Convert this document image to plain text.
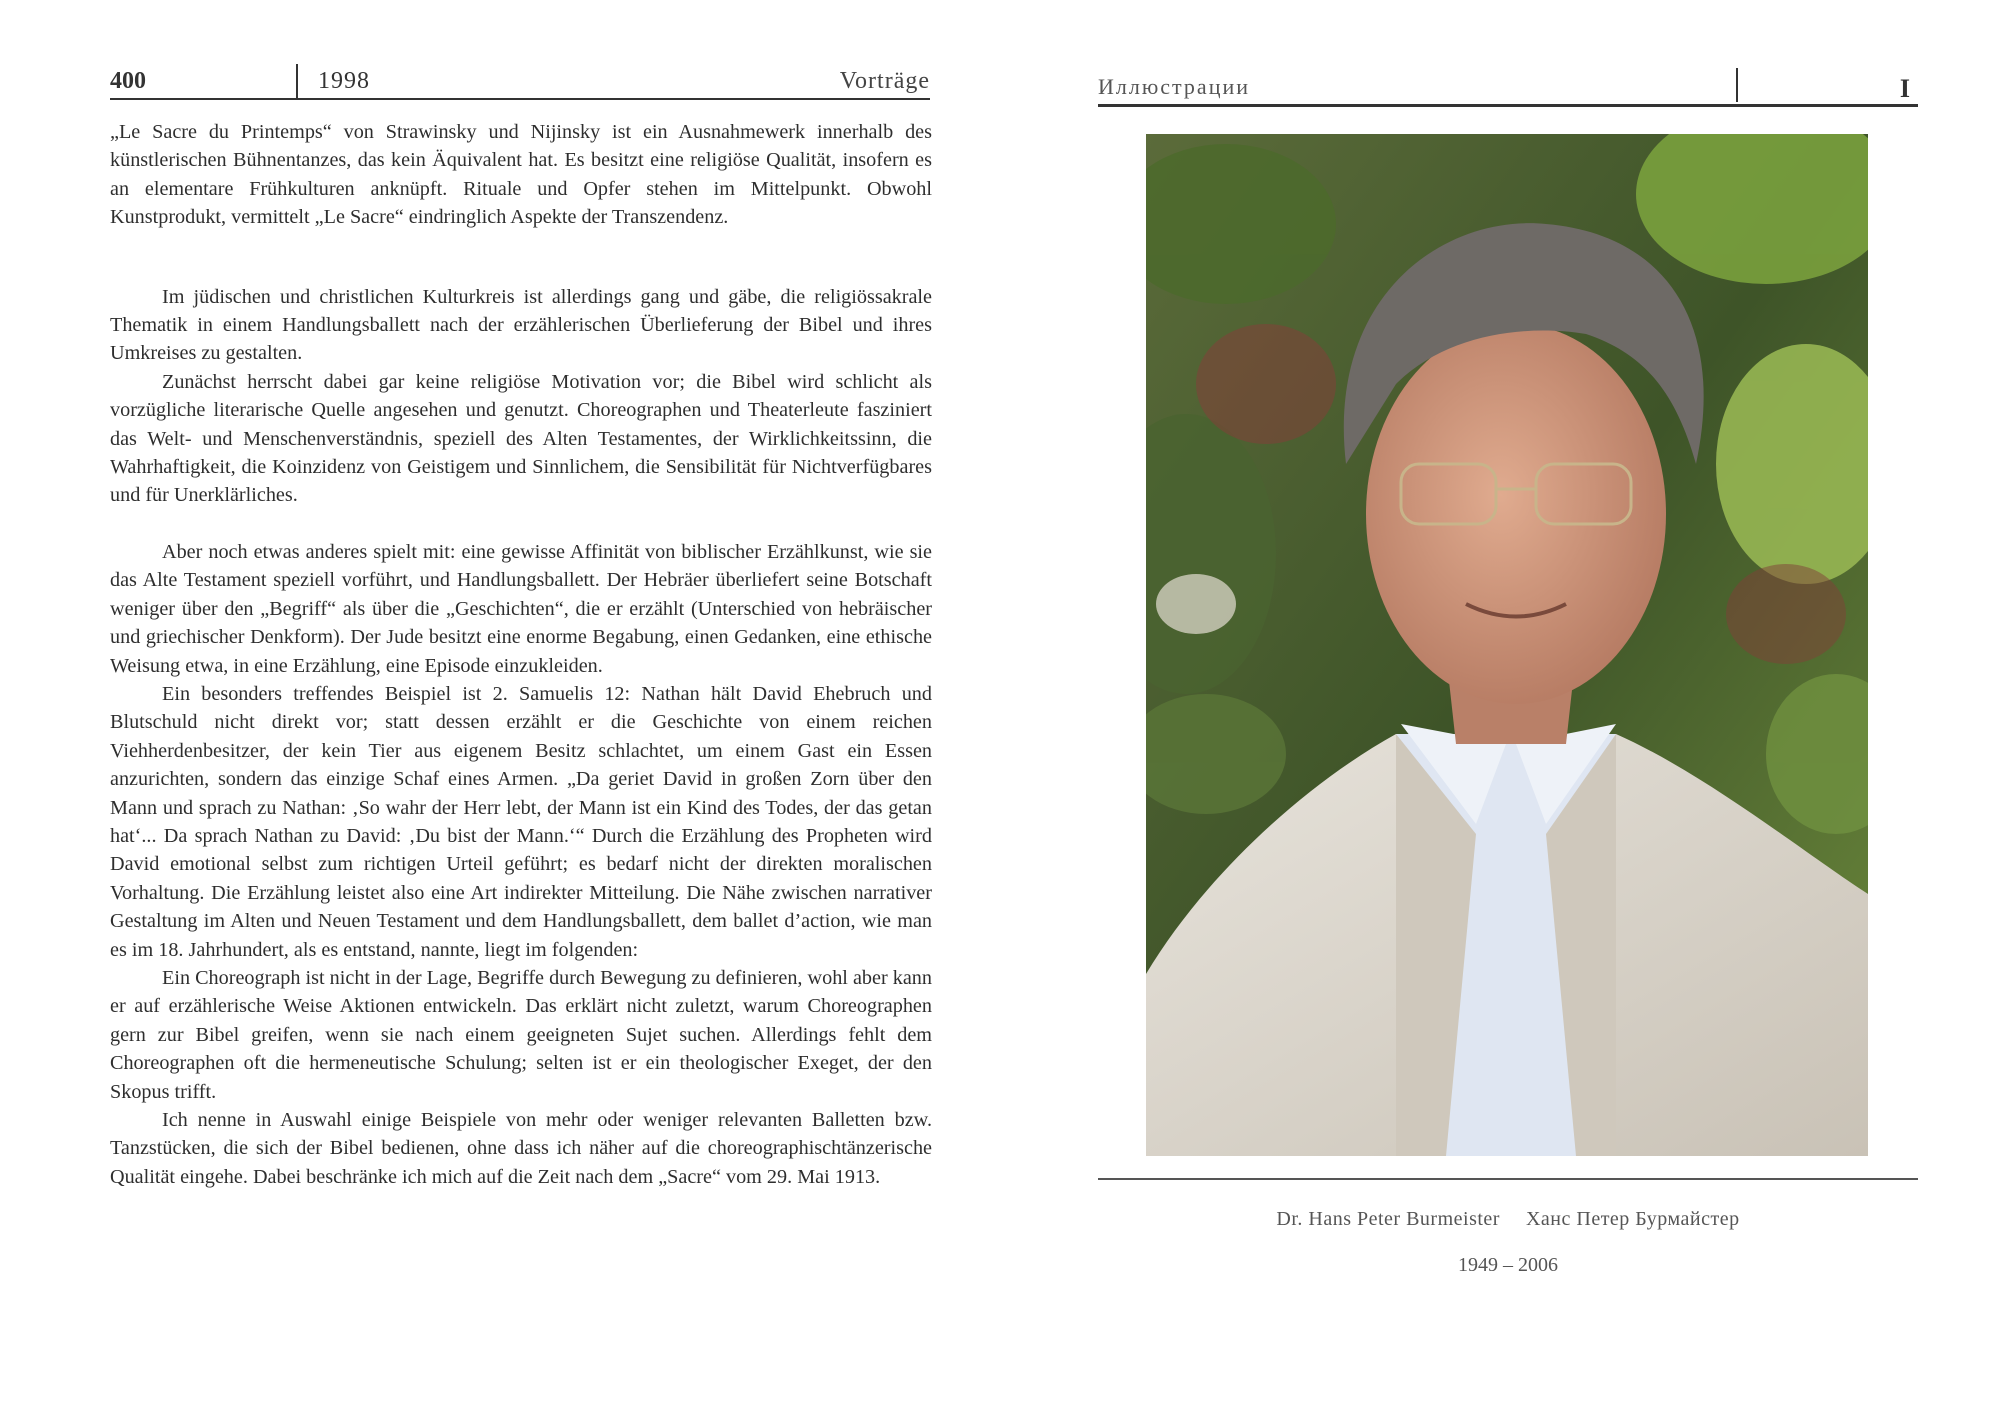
400	1998	Vorträge

„Le Sacre du Printemps“ von Strawinsky und Nijinsky ist ein Ausnahmewerk innerhalb des künstlerischen Bühnentanzes, das kein Äquivalent hat. Es besitzt eine religiöse Qualität, insofern es an elementare Frühkulturen anknüpft. Rituale und Opfer stehen im Mittelpunkt. Obwohl Kunstprodukt, vermittelt „Le Sacre“ eindringlich Aspekte der Transzendenz.

Im jüdischen und christlichen Kulturkreis ist allerdings gang und gäbe, die religiössakrale Thematik in einem Handlungsballett nach der erzählerischen Überlieferung der Bibel und ihres Umkreises zu gestalten.

Zunächst herrscht dabei gar keine religiöse Motivation vor; die Bibel wird schlicht als vorzügliche literarische Quelle angesehen und genutzt. Choreographen und Theaterleute fasziniert das Welt- und Menschenverständnis, speziell des Alten Testamentes, der Wirklichkeitssinn, die Wahrhaftigkeit, die Koinzidenz von Geistigem und Sinnlichem, die Sensibilität für Nichtverfügbares und für Unerklärliches.

Aber noch etwas anderes spielt mit: eine gewisse Affinität von biblischer Erzählkunst, wie sie das Alte Testament speziell vorführt, und Handlungsballett. Der Hebräer überliefert seine Botschaft weniger über den „Begriff“ als über die „Geschichten“, die er erzählt (Unterschied von hebräischer und griechischer Denkform). Der Jude besitzt eine enorme Begabung, einen Gedanken, eine ethische Weisung etwa, in eine Erzählung, eine Episode einzukleiden.

Ein besonders treffendes Beispiel ist 2. Samuelis 12: Nathan hält David Ehebruch und Blutschuld nicht direkt vor; statt dessen erzählt er die Geschichte von einem reichen Viehherdenbesitzer, der kein Tier aus eigenem Besitz schlachtet, um einem Gast ein Essen anzurichten, sondern das einzige Schaf eines Armen. „Da geriet David in großen Zorn über den Mann und sprach zu Nathan: ‚So wahr der Herr lebt, der Mann ist ein Kind des Todes, der das getan hat‘... Da sprach Nathan zu David: ‚Du bist der Mann.‘“ Durch die Erzählung des Propheten wird David emotional selbst zum richtigen Urteil geführt; es bedarf nicht der direkten moralischen Vorhaltung. Die Erzählung leistet also eine Art indirekter Mitteilung. Die Nähe zwischen narrativer Gestaltung im Alten und Neuen Testament und dem Handlungsballett, dem ballet d’action, wie man es im 18. Jahrhundert, als es entstand, nannte, liegt im folgenden:

Ein Choreograph ist nicht in der Lage, Begriffe durch Bewegung zu definieren, wohl aber kann er auf erzählerische Weise Aktionen entwickeln. Das erklärt nicht zuletzt, warum Choreographen gern zur Bibel greifen, wenn sie nach einem geeigneten Sujet suchen. Allerdings fehlt dem Choreographen oft die hermeneutische Schulung; selten ist er ein theologischer Exeget, der den Skopus trifft.

Ich nenne in Auswahl einige Beispiele von mehr oder weniger relevanten Balletten bzw. Tanzstücken, die sich der Bibel bedienen, ohne dass ich näher auf die choreographischtänzerische Qualität eingehe. Dabei beschränke ich mich auf die Zeit nach dem „Sacre“ vom 29. Mai 1913.

Иллюстрации	I
Dr. Hans Peter Burmeister Ханс Петер Бурмайстер
1949 – 2006
